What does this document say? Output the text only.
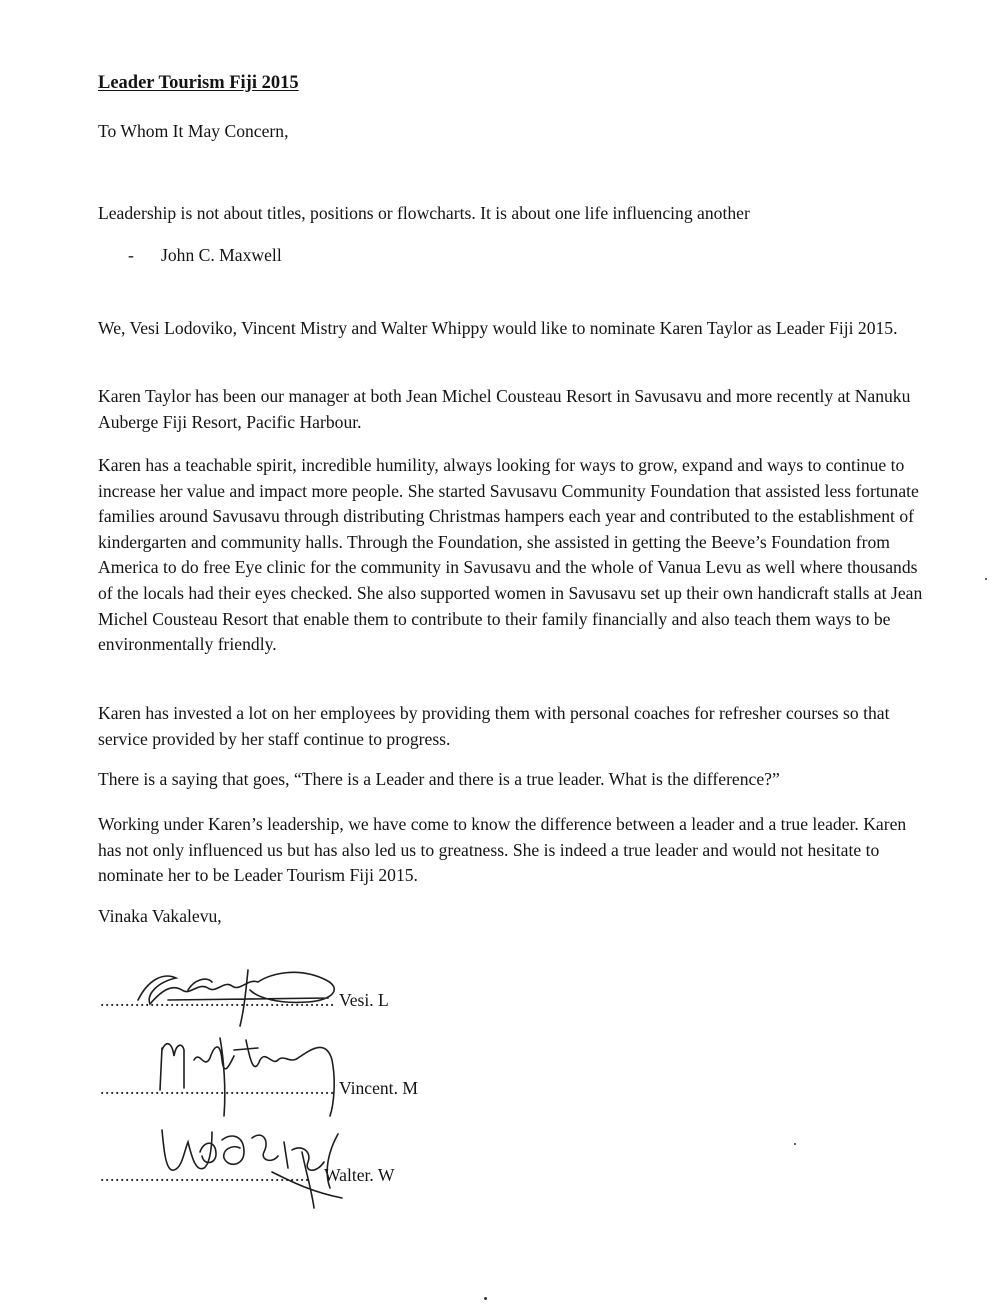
Leader Tourism Fiji 2015

To Whom It May Concern,

Leadership is not about titles, positions or flowcharts. It is about one life influencing another

- John C. Maxwell

We, Vesi Lodoviko, Vincent Mistry and Walter Whippy would like to nominate Karen Taylor as Leader Fiji 2015.

Karen Taylor has been our manager at both Jean Michel Cousteau Resort in Savusavu and more recently at Nanuku Auberge Fiji Resort, Pacific Harbour.

Karen has a teachable spirit, incredible humility, always looking for ways to grow, expand and ways to continue to increase her value and impact more people. She started Savusavu Community Foundation that assisted less fortunate families around Savusavu through distributing Christmas hampers each year and contributed to the establishment of kindergarten and community halls. Through the Foundation, she assisted in getting the Beeve’s Foundation from America to do free Eye clinic for the community in Savusavu and the whole of Vanua Levu as well where thousands of the locals had their eyes checked. She also supported women in Savusavu set up their own handicraft stalls at Jean Michel Cousteau Resort that enable them to contribute to their family financially and also teach them ways to be environmentally friendly.

Karen has invested a lot on her employees by providing them with personal coaches for refresher courses so that service provided by her staff continue to progress.

There is a saying that goes, “There is a Leader and there is a true leader. What is the difference?”

Working under Karen’s leadership, we have come to know the difference between a leader and a true leader. Karen has not only influenced us but has also led us to greatness. She is indeed a true leader and would not hesitate to nominate her to be Leader Tourism Fiji 2015.

Vinaka Vakalevu,

............................................... Vesi. L
............................................... Vincent. M
.......................................... Walter. W
